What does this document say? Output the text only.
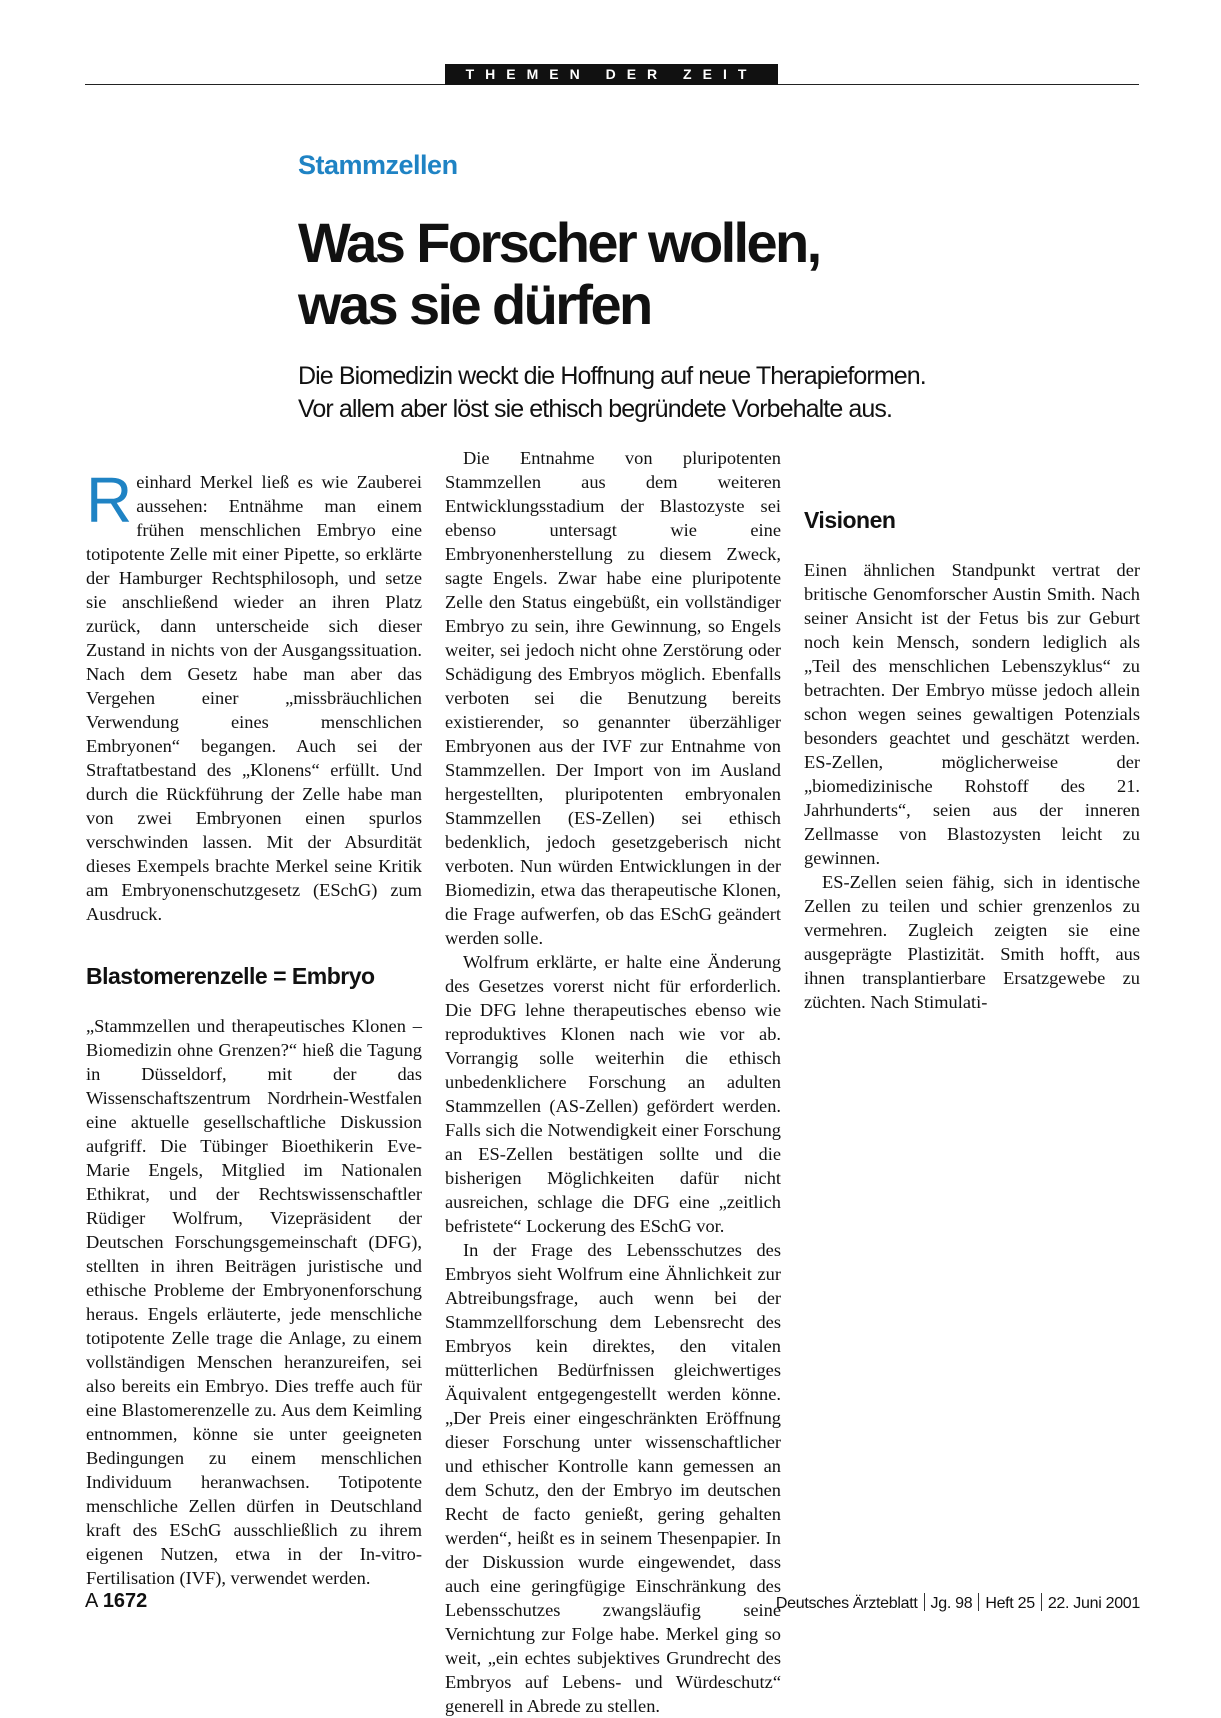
THEMEN DER ZEIT
Stammzellen
Was Forscher wollen,
was sie dürfen

Die Biomedizin weckt die Hoffnung auf neue Therapieformen.
Vor allem aber löst sie ethisch begründete Vorbehalte aus.

Reinhard Merkel ließ es wie Zauberei aussehen: Entnähme man einem frühen menschlichen Embryo eine totipotente Zelle mit einer Pipette, so erklärte der Hamburger Rechtsphilosoph, und setze sie anschließend wieder an ihren Platz zurück, dann unterscheide sich dieser Zustand in nichts von der Ausgangssituation. Nach dem Gesetz habe man aber das Vergehen einer „missbräuchlichen Verwendung eines menschlichen Embryonen“ begangen. Auch sei der Straftatbestand des „Klonens“ erfüllt. Und durch die Rückführung der Zelle habe man von zwei Embryonen einen spurlos verschwinden lassen. Mit der Absurdität dieses Exempels brachte Merkel seine Kritik am Embryonenschutzgesetz (ESchG) zum Ausdruck.

Blastomerenzelle = Embryo

„Stammzellen und therapeutisches Klonen – Biomedizin ohne Grenzen?“ hieß die Tagung in Düsseldorf, mit der das Wissenschaftszentrum Nordrhein-Westfalen eine aktuelle gesellschaftliche Diskussion aufgriff. Die Tübinger Bioethikerin Eve-Marie Engels, Mitglied im Nationalen Ethikrat, und der Rechtswissenschaftler Rüdiger Wolfrum, Vizepräsident der Deutschen Forschungsgemeinschaft (DFG), stellten in ihren Beiträgen juristische und ethische Probleme der Embryonenforschung heraus. Engels erläuterte, jede menschliche totipotente Zelle trage die Anlage, zu einem vollständigen Menschen heranzureifen, sei also bereits ein Embryo. Dies treffe auch für eine Blastomerenzelle zu. Aus dem Keimling entnommen, könne sie unter geeigneten Bedingungen zu einem menschlichen Individuum heranwachsen. Totipotente menschliche Zellen dürfen in Deutschland kraft des ESchG ausschließlich zu ihrem eigenen Nutzen, etwa in der In-vitro-Fertilisation (IVF), verwendet werden.

Die Entnahme von pluripotenten Stammzellen aus dem weiteren Entwicklungsstadium der Blastozyste sei ebenso untersagt wie eine Embryonenherstellung zu diesem Zweck, sagte Engels. Zwar habe eine pluripotente Zelle den Status eingebüßt, ein vollständiger Embryo zu sein, ihre Gewinnung, so Engels weiter, sei jedoch nicht ohne Zerstörung oder Schädigung des Embryos möglich. Ebenfalls verboten sei die Benutzung bereits existierender, so genannter überzähliger Embryonen aus der IVF zur Entnahme von Stammzellen. Der Import von im Ausland hergestellten, pluripotenten embryonalen Stammzellen (ES-Zellen) sei ethisch bedenklich, jedoch gesetzgeberisch nicht verboten. Nun würden Entwicklungen in der Biomedizin, etwa das therapeutische Klonen, die Frage aufwerfen, ob das ESchG geändert werden solle.

Wolfrum erklärte, er halte eine Änderung des Gesetzes vorerst nicht für erforderlich. Die DFG lehne therapeutisches ebenso wie reproduktives Klonen nach wie vor ab. Vorrangig solle weiterhin die ethisch unbedenklichere Forschung an adulten Stammzellen (AS-Zellen) gefördert werden. Falls sich die Notwendigkeit einer Forschung an ES-Zellen bestätigen sollte und die bisherigen Möglichkeiten dafür nicht ausreichen, schlage die DFG eine „zeitlich befristete“ Lockerung des ESchG vor.

In der Frage des Lebensschutzes des Embryos sieht Wolfrum eine Ähnlichkeit zur Abtreibungsfrage, auch wenn bei der Stammzellforschung dem Lebensrecht des Embryos kein direktes, den vitalen mütterlichen Bedürfnissen gleichwertiges Äquivalent entgegengestellt werden könne. „Der Preis einer eingeschränkten Eröffnung dieser Forschung unter wissenschaftlicher und ethischer Kontrolle kann gemessen an dem Schutz, den der Embryo im deutschen Recht de facto genießt, gering gehalten werden“, heißt es in seinem Thesenpapier. In der Diskussion wurde eingewendet, dass auch eine geringfügige Einschränkung des Lebensschutzes zwangsläufig seine Vernichtung zur Folge habe. Merkel ging so weit, „ein echtes subjektives Grundrecht des Embryos auf Lebens- und Würdeschutz“ generell in Abrede zu stellen.

Visionen

Einen ähnlichen Standpunkt vertrat der britische Genomforscher Austin Smith. Nach seiner Ansicht ist der Fetus bis zur Geburt noch kein Mensch, sondern lediglich als „Teil des menschlichen Lebenszyklus“ zu betrachten. Der Embryo müsse jedoch allein schon wegen seines gewaltigen Potenzials besonders geachtet und geschätzt werden. ES-Zellen, möglicherweise der „biomedizinische Rohstoff des 21. Jahrhunderts“, seien aus der inneren Zellmasse von Blastozysten leicht zu gewinnen.

ES-Zellen seien fähig, sich in identische Zellen zu teilen und schier grenzenlos zu vermehren. Zugleich zeigten sie eine ausgeprägte Plastizität. Smith hofft, aus ihnen transplantierbare Ersatzgewebe zu züchten. Nach Stimulati-

A 1672	Deutsches Ärzteblatt Jg. 98 Heft 25 22. Juni 2001
